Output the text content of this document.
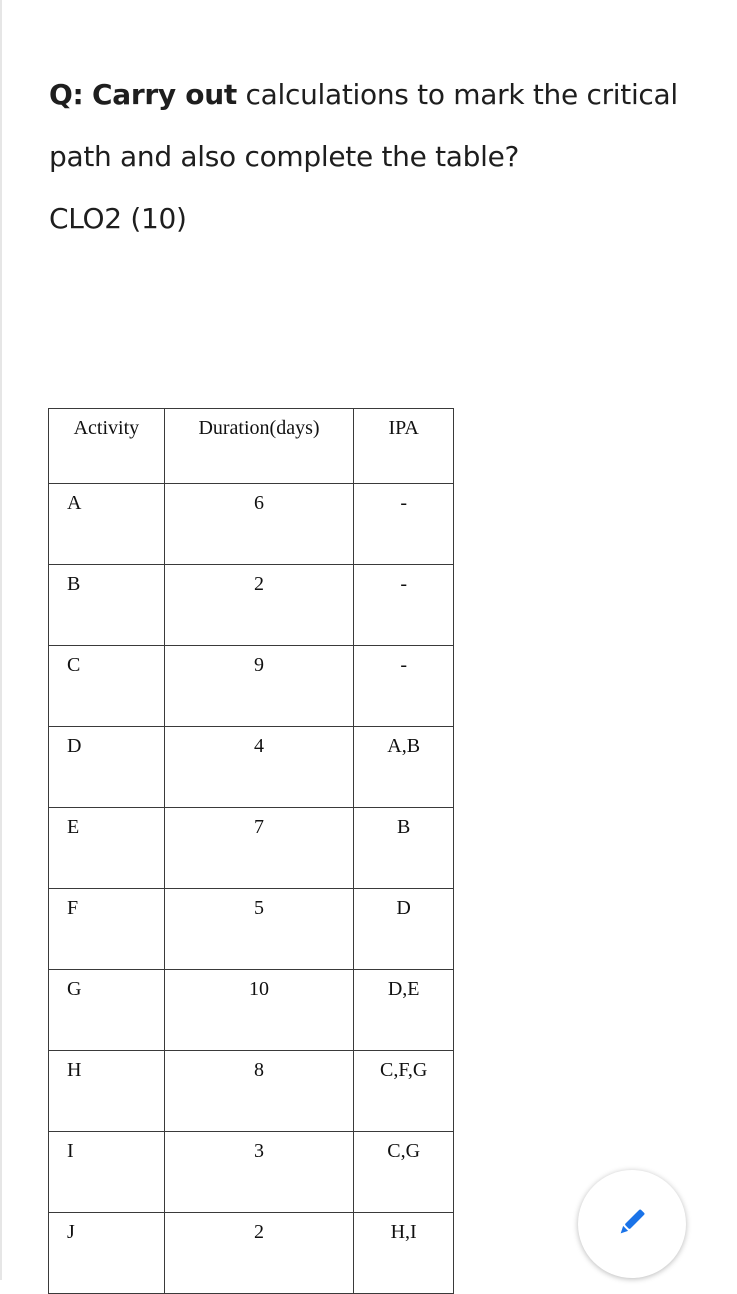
Q: Carry out calculations to mark the critical
path and also complete the table?
CLO2 (10)
Activity	Duration(days)	IPA

A	6	-
B	2	-
C	9	-
D	4	A,B
E	7	B
F	5	D
G	10	D,E
H	8	C,F,G
I	3	C,G
J	2	H,I
